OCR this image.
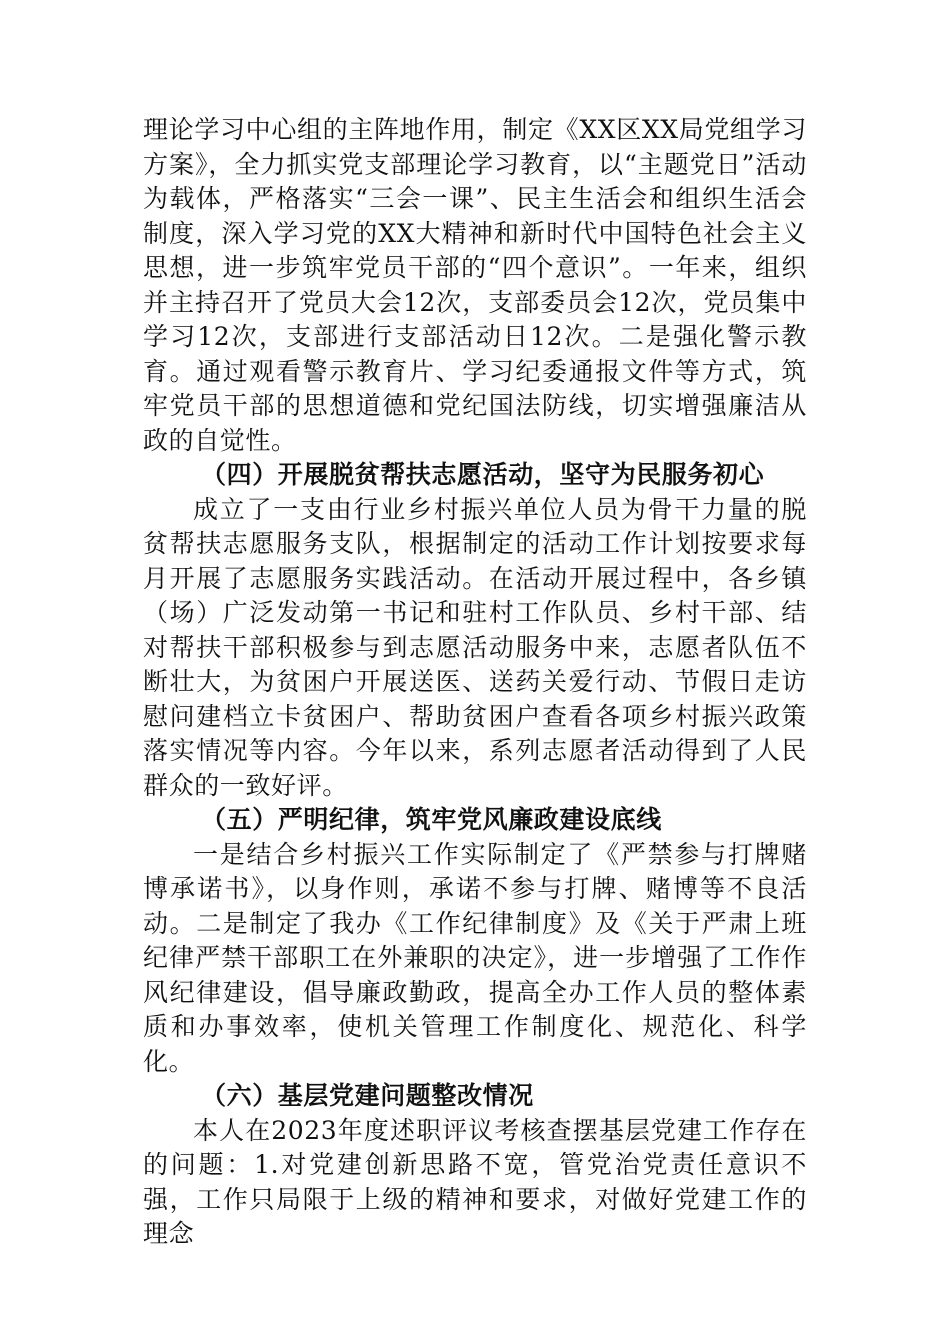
理论学习中心组的主阵地作用，制定《XX区XX局党组学习方案》，全力抓实党支部理论学习教育，以“主题党日”活动为载体，严格落实“三会一课”、民主生活会和组织生活会制度，深入学习党的XX大精神和新时代中国特色社会主义思想，进一步筑牢党员干部的“四个意识”。一年来，组织并主持召开了党员大会12次，支部委员会12次，党员集中学习12次，支部进行支部活动日12次。二是强化警示教育。通过观看警示教育片、学习纪委通报文件等方式，筑牢党员干部的思想道德和党纪国法防线，切实增强廉洁从政的自觉性。

（四）开展脱贫帮扶志愿活动，坚守为民服务初心

成立了一支由行业乡村振兴单位人员为骨干力量的脱贫帮扶志愿服务支队，根据制定的活动工作计划按要求每月开展了志愿服务实践活动。在活动开展过程中，各乡镇（场）广泛发动第一书记和驻村工作队员、乡村干部、结对帮扶干部积极参与到志愿活动服务中来，志愿者队伍不断壮大，为贫困户开展送医、送药关爱行动、节假日走访慰问建档立卡贫困户、帮助贫困户查看各项乡村振兴政策落实情况等内容。今年以来，系列志愿者活动得到了人民群众的一致好评。

（五）严明纪律，筑牢党风廉政建设底线

一是结合乡村振兴工作实际制定了《严禁参与打牌赌博承诺书》，以身作则，承诺不参与打牌、赌博等不良活动。二是制定了我办《工作纪律制度》及《关于严肃上班纪律严禁干部职工在外兼职的决定》，进一步增强了工作作风纪律建设，倡导廉政勤政，提高全办工作人员的整体素质和办事效率，使机关管理工作制度化、规范化、科学化。

（六）基层党建问题整改情况

本人在2023年度述职评议考核查摆基层党建工作存在的问题：1.对党建创新思路不宽，管党治党责任意识不强，工作只局限于上级的精神和要求，对做好党建工作的理念
